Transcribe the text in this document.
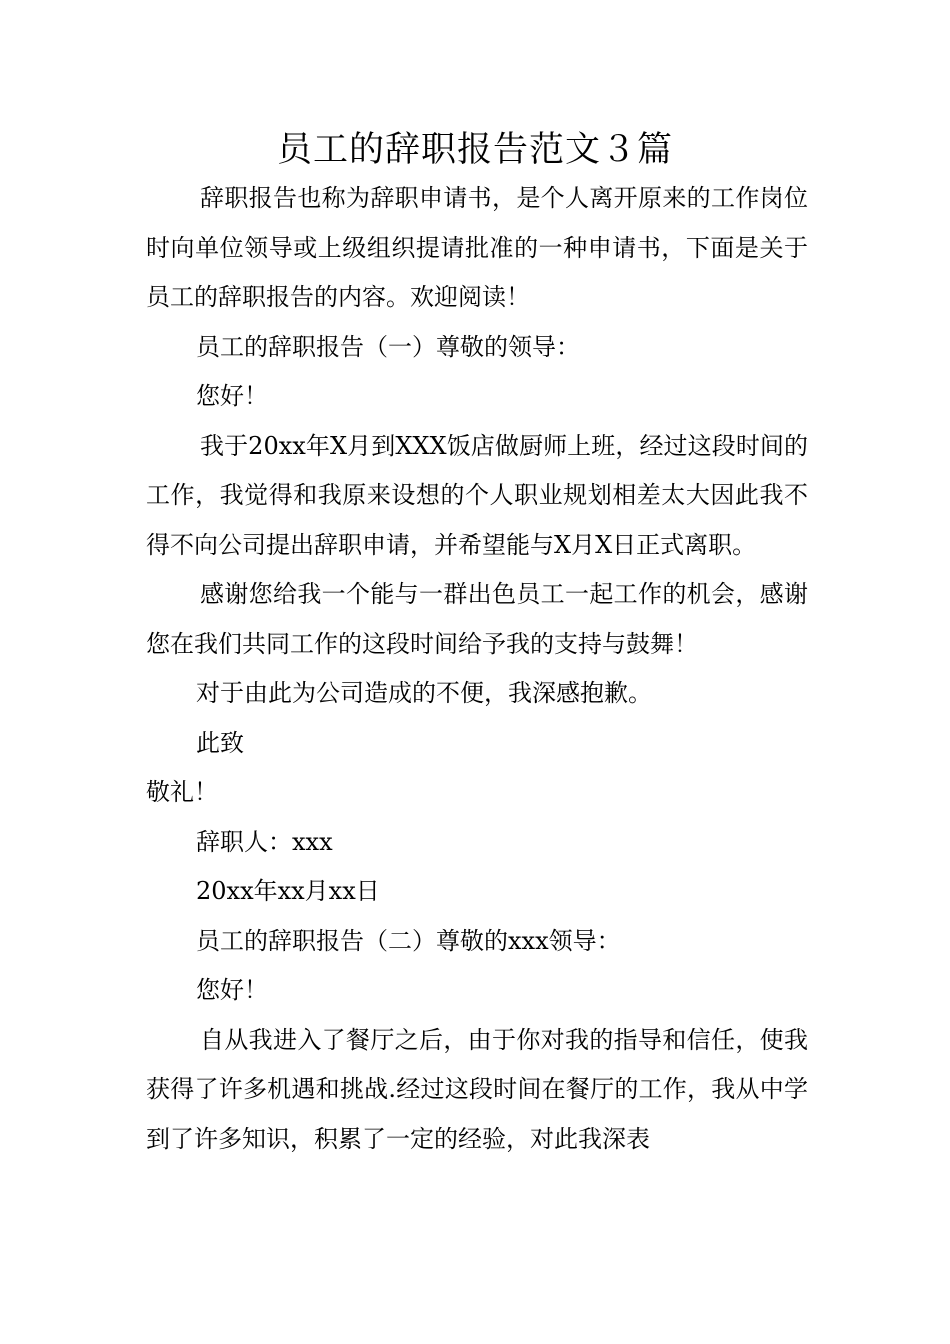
员工的辞职报告范文３篇

辞职报告也称为辞职申请书，是个人离开原来的工作岗位时向单位领导或上级组织提请批准的一种申请书，下面是关于员工的辞职报告的内容。欢迎阅读！

员工的辞职报告（一）尊敬的领导：

您好！

我于20xx年X月到XXX饭店做厨师上班，经过这段时间的工作，我觉得和我原来设想的个人职业规划相差太大因此我不得不向公司提出辞职申请，并希望能与X月X日正式离职。

感谢您给我一个能与一群出色员工一起工作的机会，感谢您在我们共同工作的这段时间给予我的支持与鼓舞！

对于由此为公司造成的不便，我深感抱歉。

此致

敬礼！

辞职人：xxx

20xx年xx月xx日

员工的辞职报告（二）尊敬的xxx领导：

您好！

自从我进入了餐厅之后，由于你对我的指导和信任，使我获得了许多机遇和挑战.经过这段时间在餐厅的工作，我从中学到了许多知识，积累了一定的经验，对此我深表
